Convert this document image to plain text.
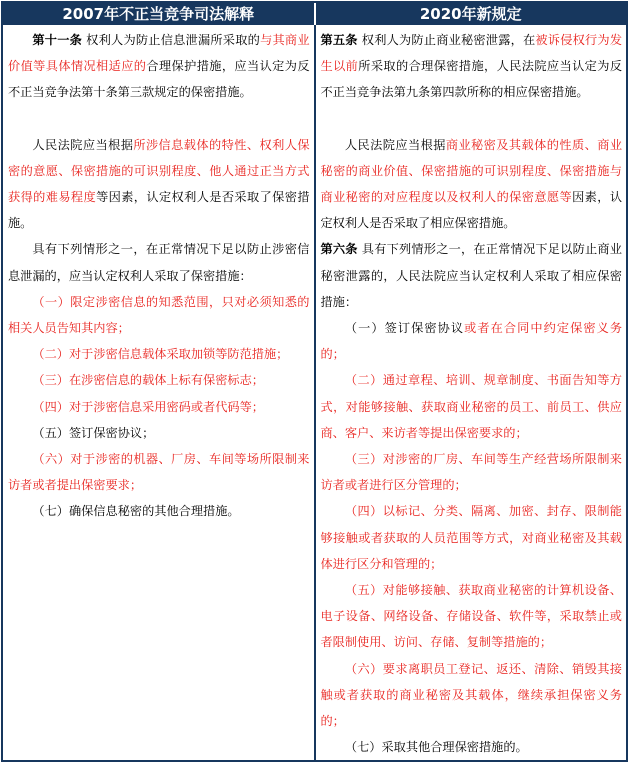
2007年不正当竞争司法解释	2020年新规定

第十一条 权利人为防止信息泄漏所采取的与其商业价值等具体情况相适应的合理保护措施，应当认定为反不正当竞争法第十条第三款规定的保密措施。

人民法院应当根据所涉信息载体的特性、权利人保密的意愿、保密措施的可识别程度、他人通过正当方式获得的难易程度等因素，认定权利人是否采取了保密措施。

具有下列情形之一，在正常情况下足以防止涉密信息泄漏的，应当认定权利人采取了保密措施：

（一）限定涉密信息的知悉范围，只对必须知悉的相关人员告知其内容；

（二）对于涉密信息载体采取加锁等防范措施；

（三）在涉密信息的载体上标有保密标志；

（四）对于涉密信息采用密码或者代码等；

（五）签订保密协议；

（六）对于涉密的机器、厂房、车间等场所限制来访者或者提出保密要求；

（七）确保信息秘密的其他合理措施。

第五条 权利人为防止商业秘密泄露，在被诉侵权行为发生以前所采取的合理保密措施，人民法院应当认定为反不正当竞争法第九条第四款所称的相应保密措施。

人民法院应当根据商业秘密及其载体的性质、商业秘密的商业价值、保密措施的可识别程度、保密措施与商业秘密的对应程度以及权利人的保密意愿等因素，认定权利人是否采取了相应保密措施。

第六条 具有下列情形之一，在正常情况下足以防止商业秘密泄露的，人民法院应当认定权利人采取了相应保密措施：

（一）签订保密协议或者在合同中约定保密义务的；

（二）通过章程、培训、规章制度、书面告知等方式，对能够接触、获取商业秘密的员工、前员工、供应商、客户、来访者等提出保密要求的；

（三）对涉密的厂房、车间等生产经营场所限制来访者或者进行区分管理的；

（四）以标记、分类、隔离、加密、封存、限制能够接触或者获取的人员范围等方式，对商业秘密及其载体进行区分和管理的；

（五）对能够接触、获取商业秘密的计算机设备、电子设备、网络设备、存储设备、软件等，采取禁止或者限制使用、访问、存储、复制等措施的；

（六）要求离职员工登记、返还、清除、销毁其接触或者获取的商业秘密及其载体，继续承担保密义务的；

（七）采取其他合理保密措施的。
